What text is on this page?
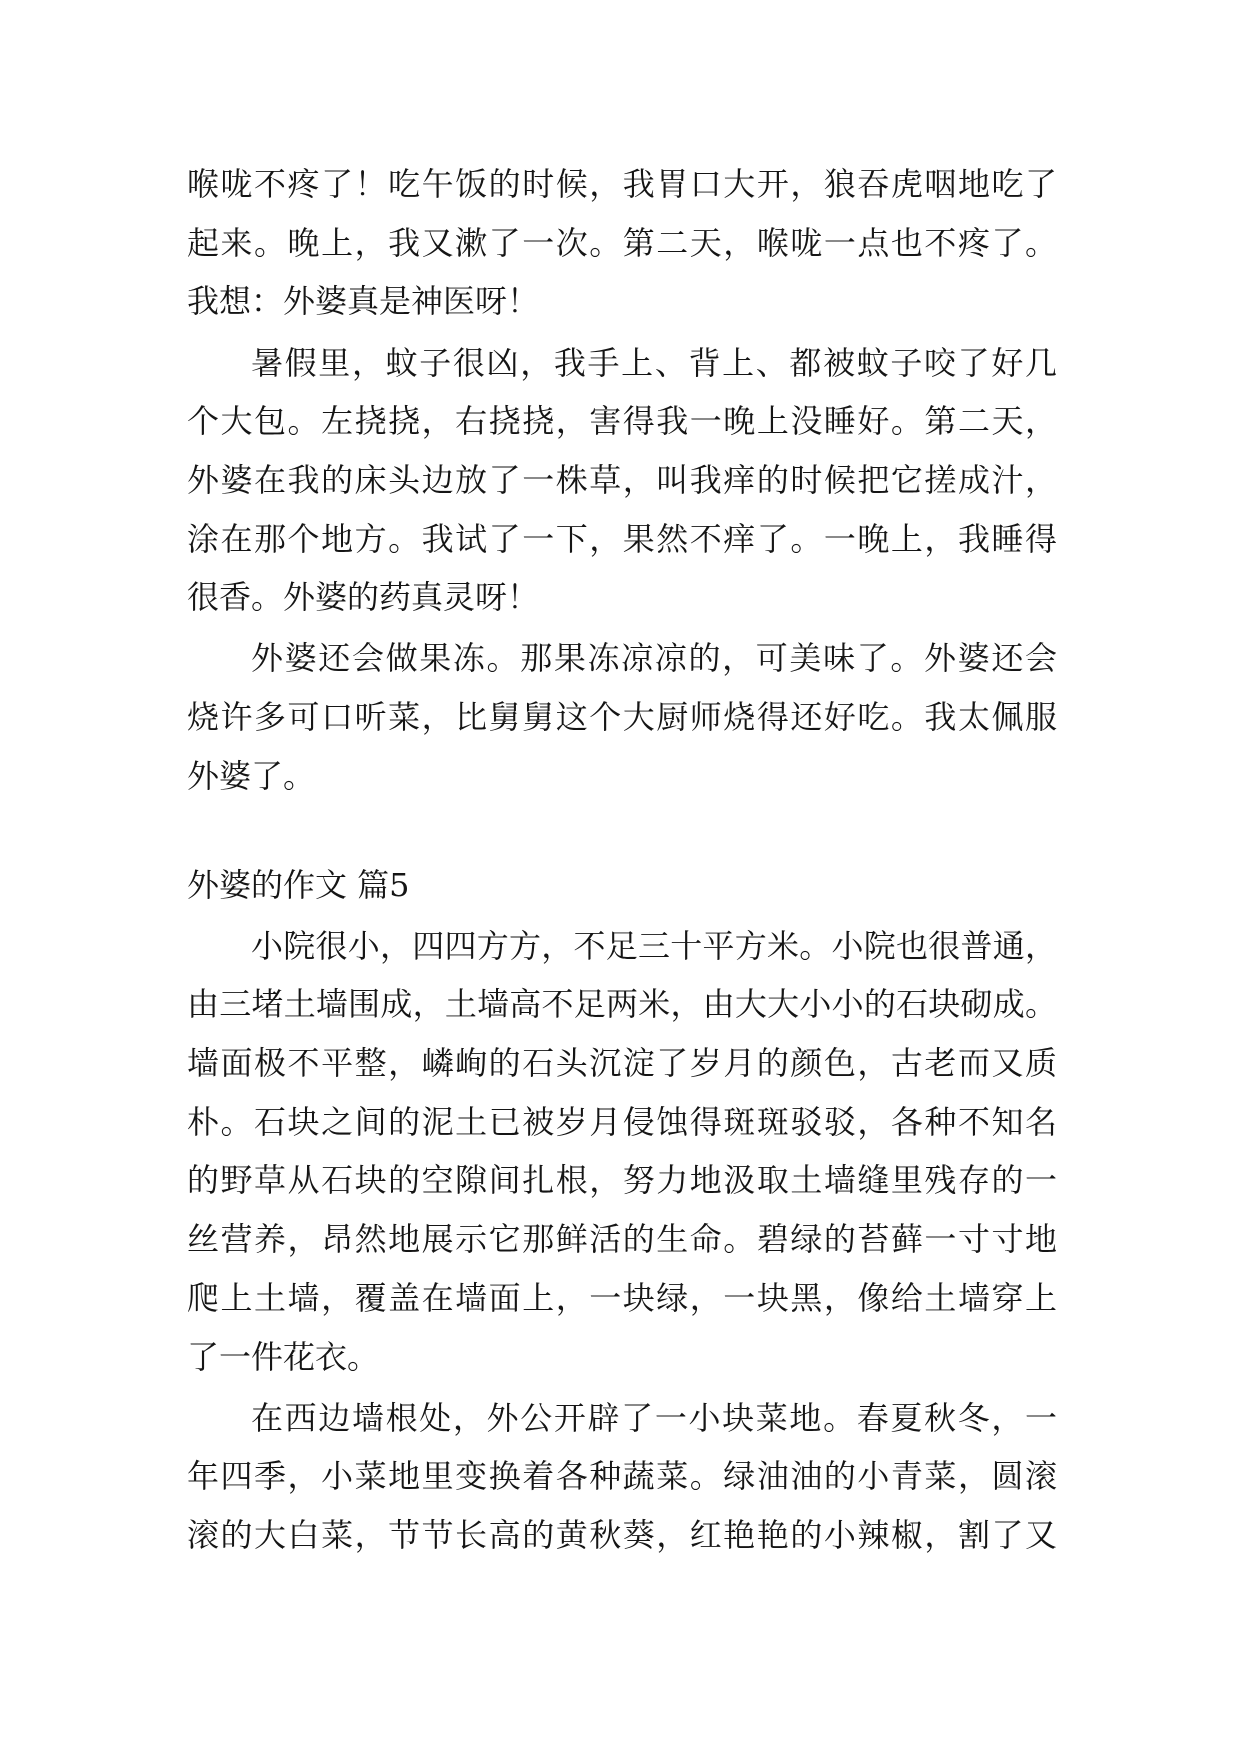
喉咙不疼了！吃午饭的时候，我胃口大开，狼吞虎咽地吃了
起来。晚上，我又漱了一次。第二天，喉咙一点也不疼了。
我想：外婆真是神医呀！
暑假里，蚊子很凶，我手上、背上、都被蚊子咬了好几
个大包。左挠挠，右挠挠，害得我一晚上没睡好。第二天，
外婆在我的床头边放了一株草，叫我痒的时候把它搓成汁，
涂在那个地方。我试了一下，果然不痒了。一晚上，我睡得
很香。外婆的药真灵呀！
外婆还会做果冻。那果冻凉凉的，可美味了。外婆还会
烧许多可口听菜，比舅舅这个大厨师烧得还好吃。我太佩服
外婆了。
外婆的作文 篇5
小院很小，四四方方，不足三十平方米。小院也很普通，
由三堵土墙围成，土墙高不足两米，由大大小小的石块砌成。
墙面极不平整，嶙峋的石头沉淀了岁月的颜色，古老而又质
朴。石块之间的泥土已被岁月侵蚀得斑斑驳驳，各种不知名
的野草从石块的空隙间扎根，努力地汲取土墙缝里残存的一
丝营养，昂然地展示它那鲜活的生命。碧绿的苔藓一寸寸地
爬上土墙，覆盖在墙面上，一块绿，一块黑，像给土墙穿上
了一件花衣。
在西边墙根处，外公开辟了一小块菜地。春夏秋冬，一
年四季，小菜地里变换着各种蔬菜。绿油油的小青菜，圆滚
滚的大白菜，节节长高的黄秋葵，红艳艳的小辣椒，割了又
